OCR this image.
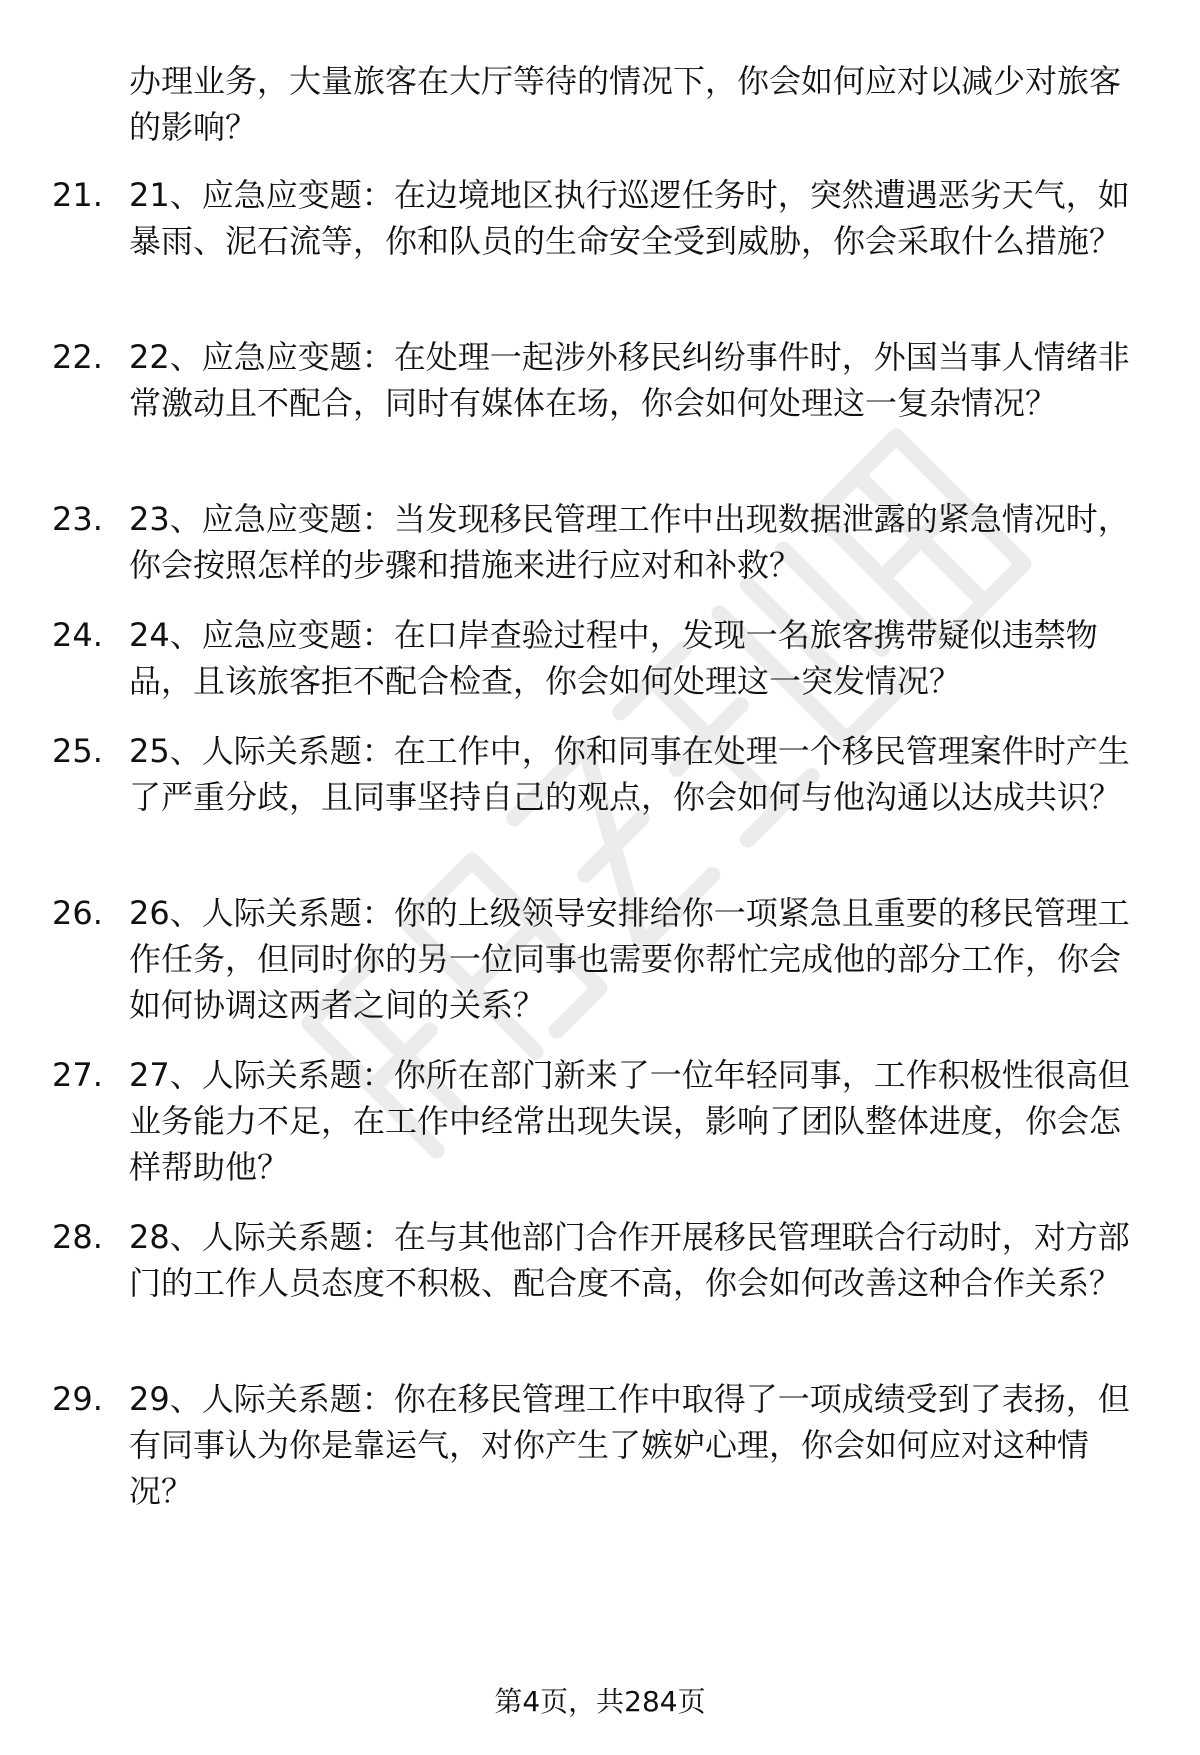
办理业务，大量旅客在大厅等待的情况下，你会如何应对以减少对旅客的影响？

21. 21、应急应变题：在边境地区执行巡逻任务时，突然遭遇恶劣天气，如暴雨、泥石流等，你和队员的生命安全受到威胁，你会采取什么措施？

22. 22、应急应变题：在处理一起涉外移民纠纷事件时，外国当事人情绪非常激动且不配合，同时有媒体在场，你会如何处理这一复杂情况？

23. 23、应急应变题：当发现移民管理工作中出现数据泄露的紧急情况时，你会按照怎样的步骤和措施来进行应对和补救？

24. 24、应急应变题：在口岸查验过程中，发现一名旅客携带疑似违禁物品，且该旅客拒不配合检查，你会如何处理这一突发情况？

25. 25、人际关系题：在工作中，你和同事在处理一个移民管理案件时产生了严重分歧，且同事坚持自己的观点，你会如何与他沟通以达成共识？

26. 26、人际关系题：你的上级领导安排给你一项紧急且重要的移民管理工作任务，但同时你的另一位同事也需要你帮忙完成他的部分工作，你会如何协调这两者之间的关系？

27. 27、人际关系题：你所在部门新来了一位年轻同事，工作积极性很高但业务能力不足，在工作中经常出现失误，影响了团队整体进度，你会怎样帮助他？

28. 28、人际关系题：在与其他部门合作开展移民管理联合行动时，对方部门的工作人员态度不积极、配合度不高，你会如何改善这种合作关系？

29. 29、人际关系题：你在移民管理工作中取得了一项成绩受到了表扬，但有同事认为你是靠运气，对你产生了嫉妒心理，你会如何应对这种情况？

第4页，共284页
